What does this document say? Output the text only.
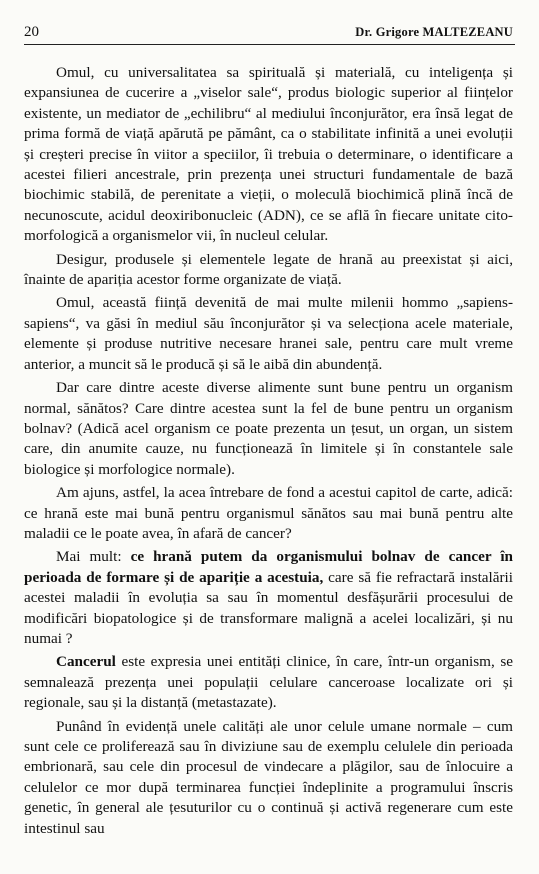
20	Dr. Grigore MALTEZEANU

Omul, cu universalitatea sa spirituală și materială, cu inteligența și expansiunea de cucerire a „viselor sale“, produs biologic superior al ființelor existente, un mediator de „echilibru“ al mediului înconjurător, era însă legat de prima formă de viață apărută pe pământ, ca o stabilitate infinită a unei evoluții și creșteri precise în viitor a speciilor, îi trebuia o determinare, o identificare a acestei filieri ancestrale, prin prezența unei structuri fundamentale de bază biochimic stabilă, de perenitate a vieții, o moleculă biochimică plină încă de necunoscute, acidul deoxiribonucleic (ADN), ce se află în fiecare unitate cito-morfologică a organismelor vii, în nucleul celular.

Desigur, produsele și elementele legate de hrană au preexistat și aici, înainte de apariția acestor forme organizate de viață.

Omul, această ființă devenită de mai multe milenii hommo „sapiens-sapiens“, va găsi în mediul său înconjurător și va selecționa acele materiale, elemente și produse nutritive necesare hranei sale, pentru care mult vreme anterior, a muncit să le producă și să le aibă din abundență.

Dar care dintre aceste diverse alimente sunt bune pentru un organism normal, sănătos? Care dintre acestea sunt la fel de bune pentru un organism bolnav? (Adică acel organism ce poate prezenta un țesut, un organ, un sistem care, din anumite cauze, nu funcționează în limitele și în constantele sale biologice și morfologice normale).

Am ajuns, astfel, la acea întrebare de fond a acestui capitol de carte, adică: ce hrană este mai bună pentru organismul sănătos sau mai bună pentru alte maladii ce le poate avea, în afară de cancer?

Mai mult: ce hrană putem da organismului bolnav de cancer în perioada de formare și de apariție a acestuia, care să fie refractară instalării acestei maladii în evoluția sa sau în momentul desfășurării procesului de modificări biopatologice și de transformare malignă a acelei localizări, și nu numai ?

Cancerul este expresia unei entități clinice, în care, într-un organism, se semnalează prezența unei populații celulare canceroase localizate ori și regionale, sau și la distanță (metastazate).

Punând în evidență unele calități ale unor celule umane normale – cum sunt cele ce proliferează sau în diviziune sau de exemplu celulele din perioada embrionară, sau cele din procesul de vindecare a plăgilor, sau de înlocuire a celulelor ce mor după terminarea funcției îndeplinite a programului înscris genetic, în general ale țesuturilor cu o continuă și activă regenerare cum este intestinul sau
